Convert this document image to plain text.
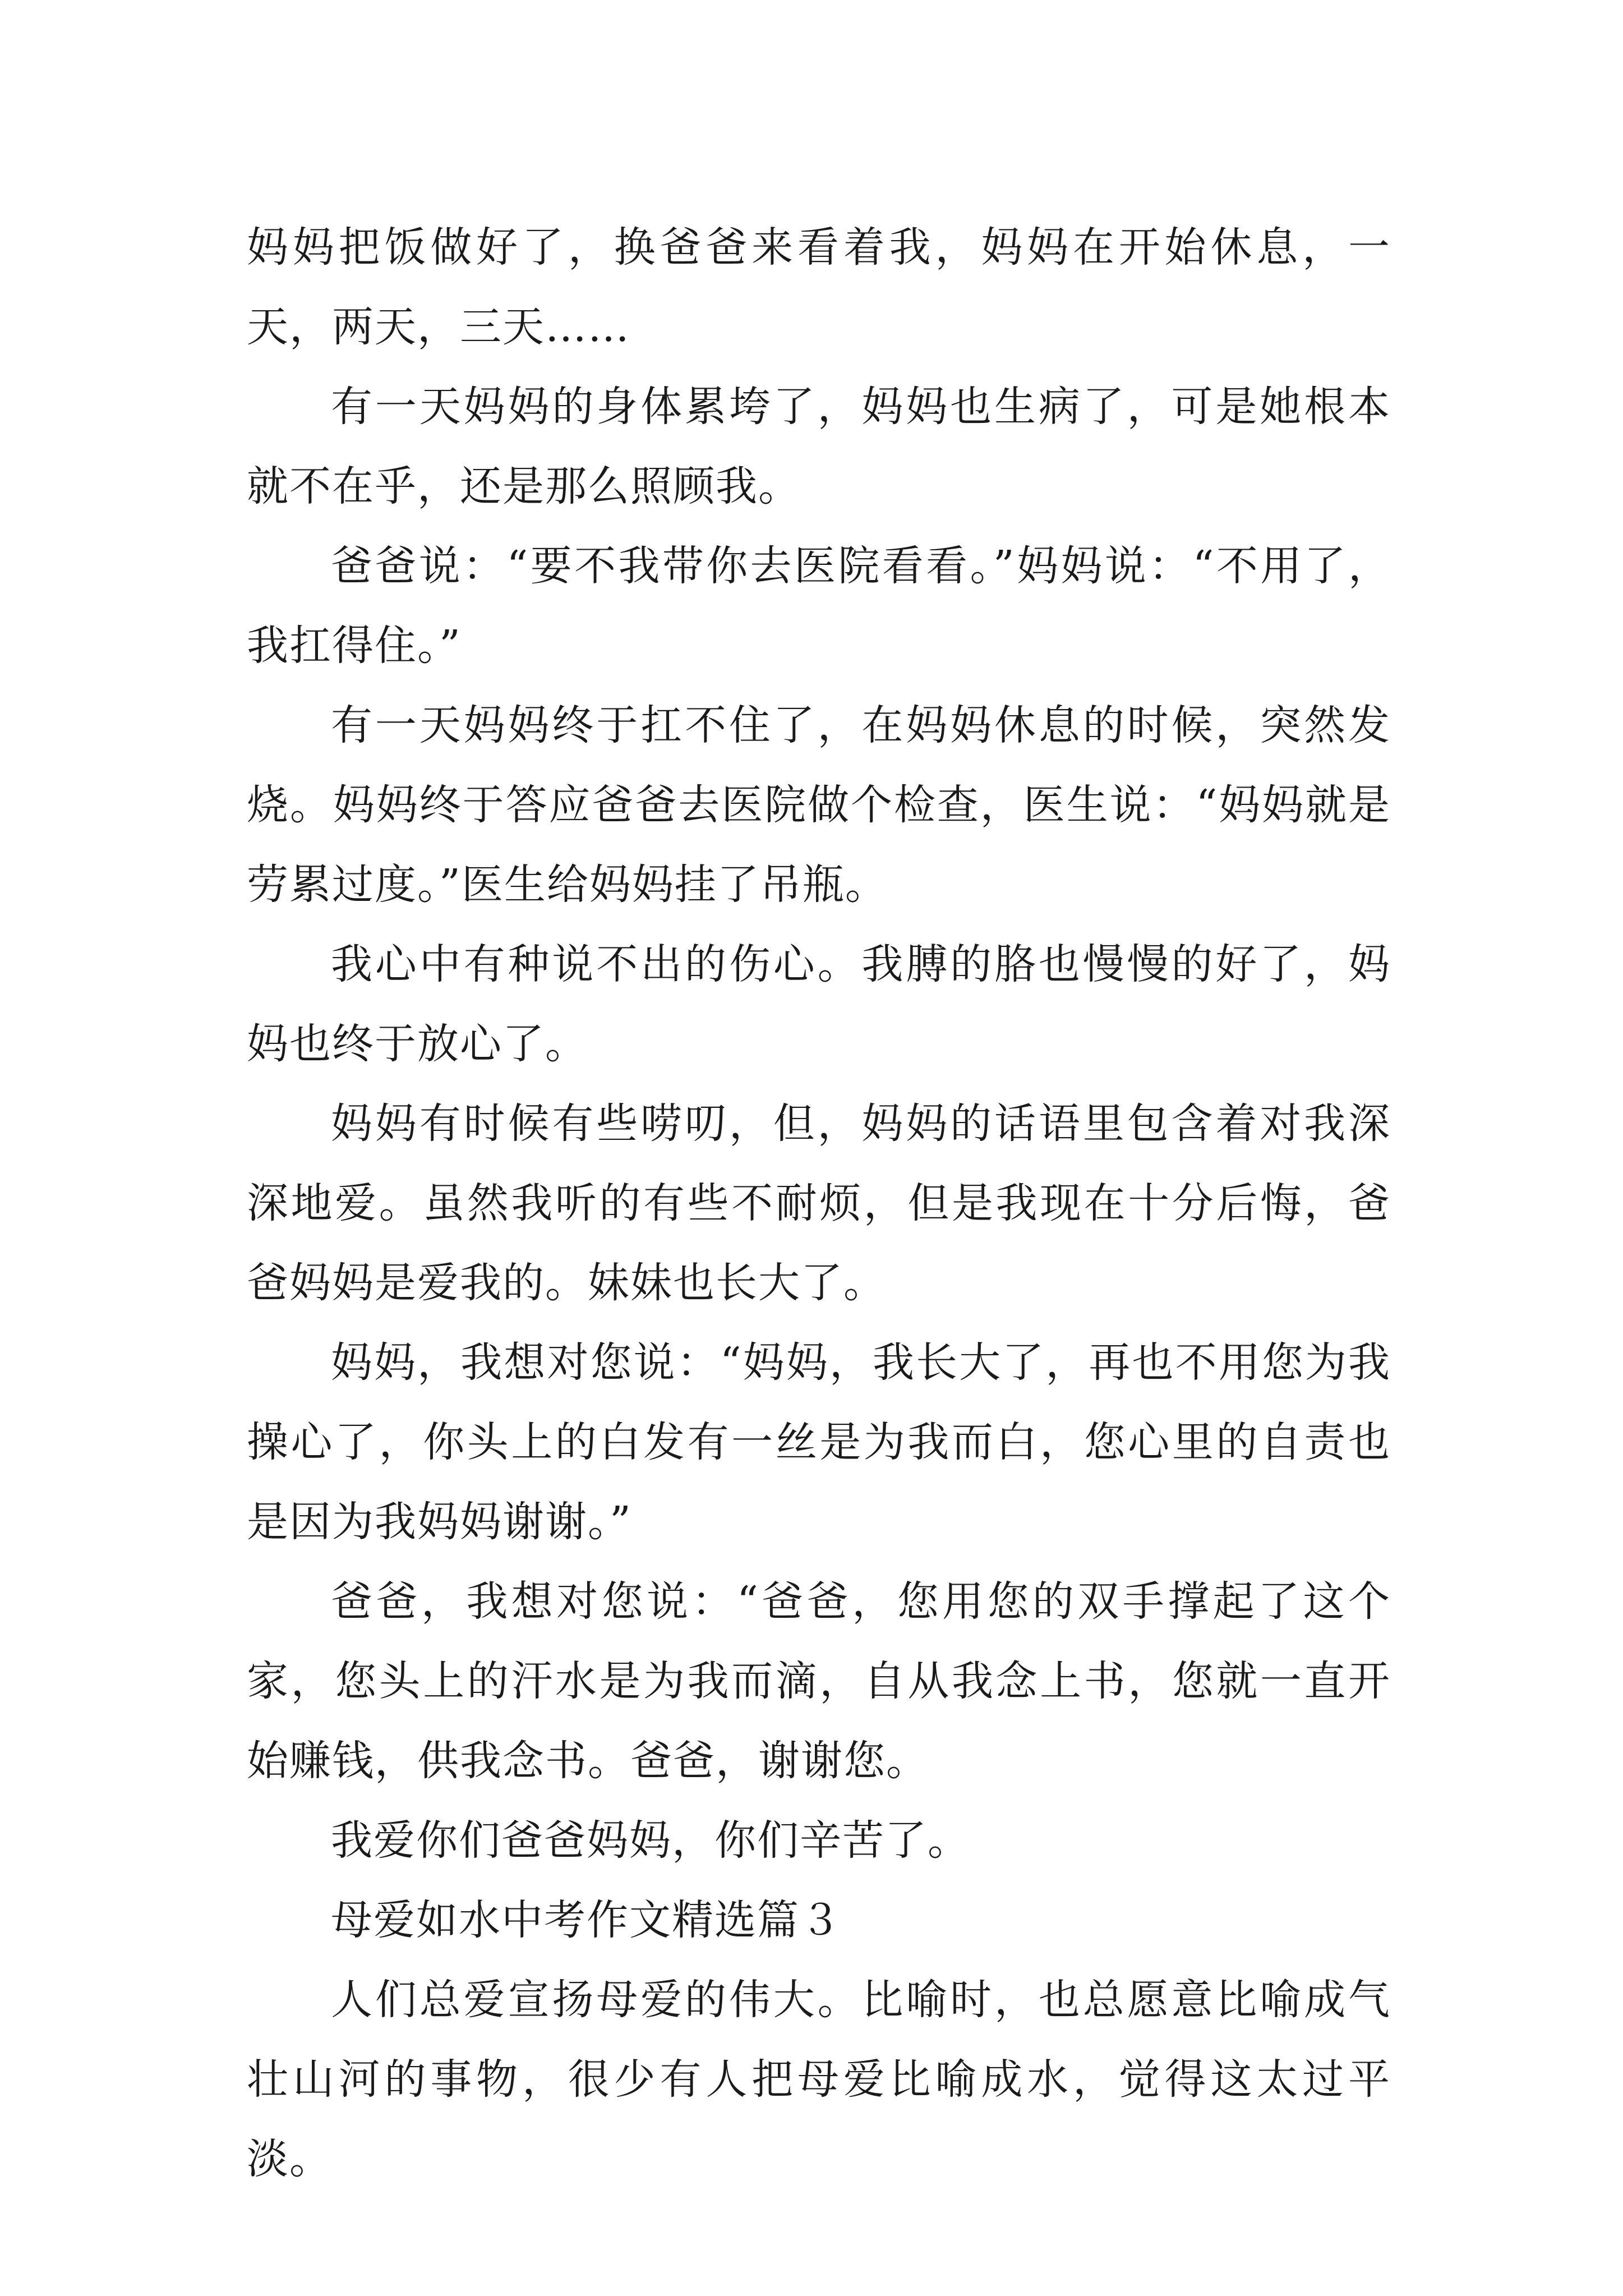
妈妈把饭做好了，换爸爸来看着我，妈妈在开始休息，一天，两天，三天……

有一天妈妈的身体累垮了，妈妈也生病了，可是她根本就不在乎，还是那么照顾我。

爸爸说：“要不我带你去医院看看。”妈妈说：“不用了，我扛得住。”

有一天妈妈终于扛不住了，在妈妈休息的时候，突然发烧。妈妈终于答应爸爸去医院做个检查，医生说：“妈妈就是劳累过度。”医生给妈妈挂了吊瓶。

我心中有种说不出的伤心。我膊的胳也慢慢的好了，妈妈也终于放心了。

妈妈有时候有些唠叨，但，妈妈的话语里包含着对我深深地爱。虽然我听的有些不耐烦，但是我现在十分后悔，爸爸妈妈是爱我的。妹妹也长大了。

妈妈，我想对您说：“妈妈，我长大了，再也不用您为我操心了，你头上的白发有一丝是为我而白，您心里的自责也是因为我妈妈谢谢。”

爸爸，我想对您说：“爸爸，您用您的双手撑起了这个家，您头上的汗水是为我而滴，自从我念上书，您就一直开始赚钱，供我念书。爸爸，谢谢您。

我爱你们爸爸妈妈，你们辛苦了。

母爱如水中考作文精选篇３

人们总爱宣扬母爱的伟大。比喻时，也总愿意比喻成气壮山河的事物，很少有人把母爱比喻成水，觉得这太过平淡。
